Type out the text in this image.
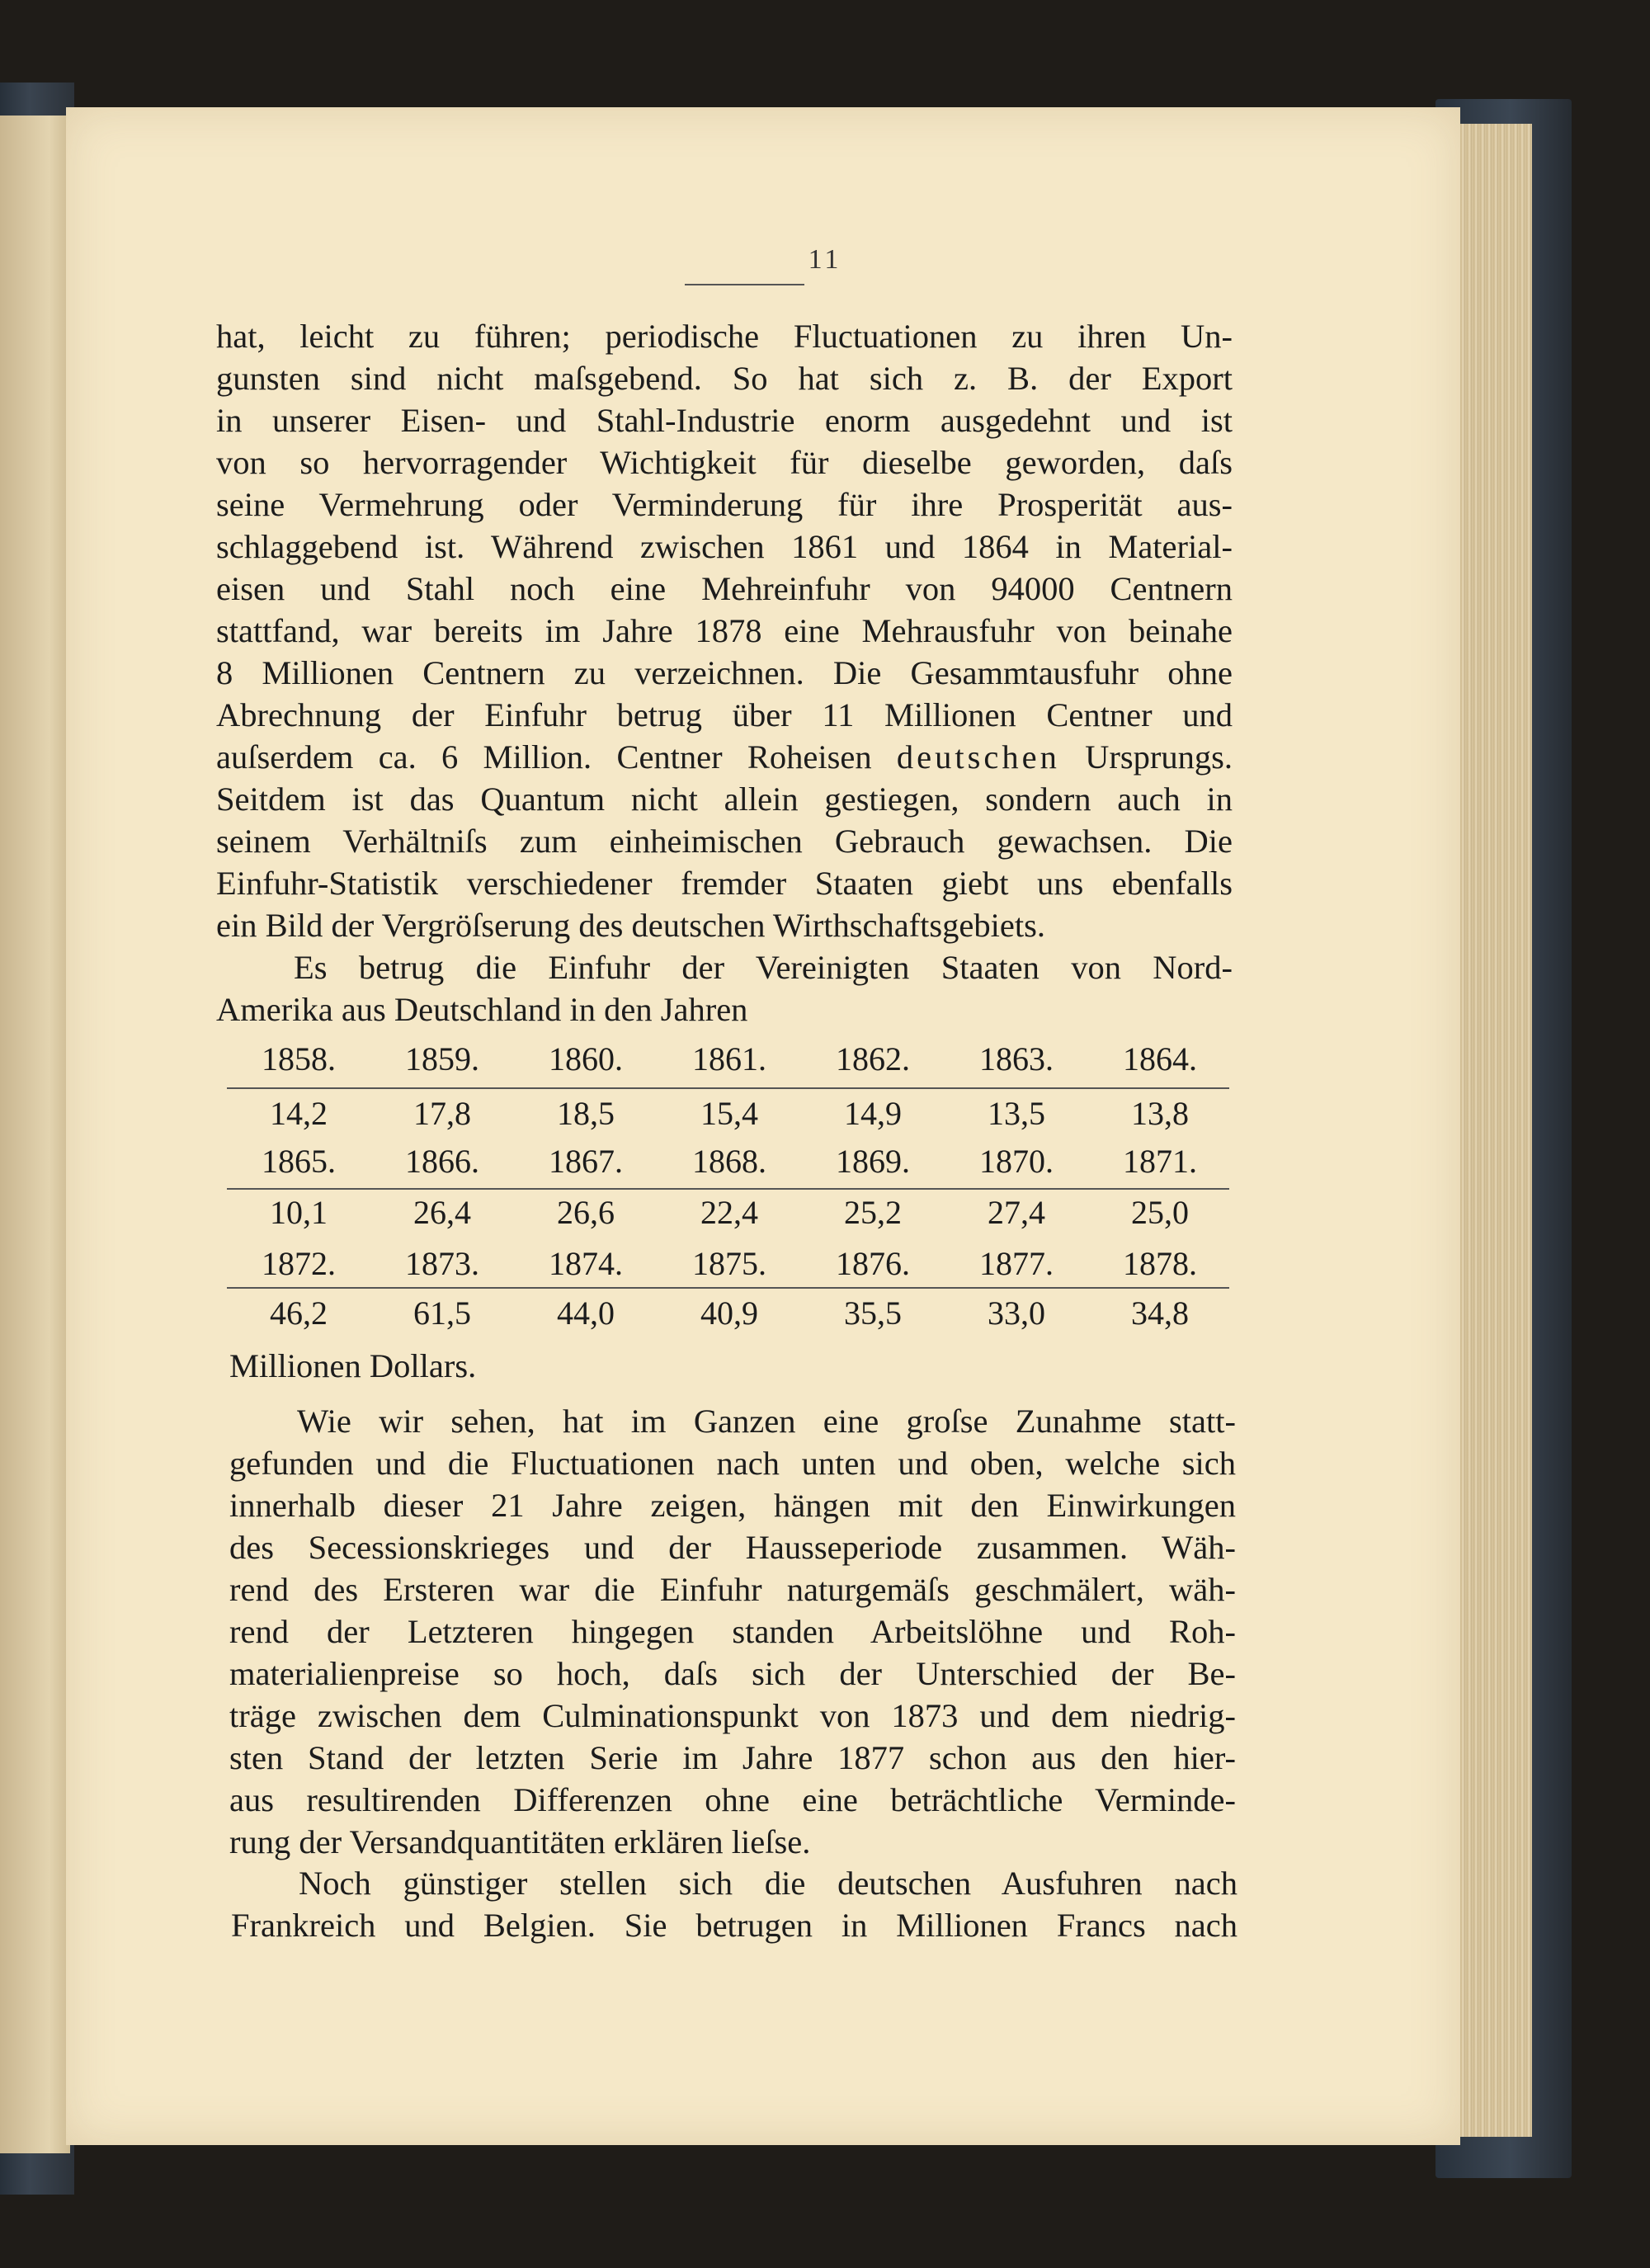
11
hat, leicht zu führen; periodische Fluctuationen zu ihren Un-
gunsten sind nicht maſsgebend. So hat sich z. B. der Export
in unserer Eisen- und Stahl-Industrie enorm ausgedehnt und ist
von so hervorragender Wichtigkeit für dieselbe geworden, daſs
seine Vermehrung oder Verminderung für ihre Prosperität aus-
schlaggebend ist. Während zwischen 1861 und 1864 in Material-
eisen und Stahl noch eine Mehreinfuhr von 94000 Centnern
stattfand, war bereits im Jahre 1878 eine Mehrausfuhr von beinahe
8 Millionen Centnern zu verzeichnen. Die Gesammtausfuhr ohne
Abrechnung der Einfuhr betrug über 11 Millionen Centner und
auſserdem ca. 6 Million. Centner Roheisen deutschen Ursprungs.
Seitdem ist das Quantum nicht allein gestiegen, sondern auch in
seinem Verhältniſs zum einheimischen Gebrauch gewachsen. Die
Einfuhr-Statistik verschiedener fremder Staaten giebt uns ebenfalls
ein Bild der Vergröſserung des deutschen Wirthschaftsgebiets.
Es betrug die Einfuhr der Vereinigten Staaten von Nord-
Amerika aus Deutschland in den Jahren
1858.	1859.	1860.	1861.	1862.	1863.	1864.
14,2	17,8	18,5	15,4	14,9	13,5	13,8
1865.	1866.	1867.	1868.	1869.	1870.	1871.
10,1	26,4	26,6	22,4	25,2	27,4	25,0
1872.	1873.	1874.	1875.	1876.	1877.	1878.
46,2	61,5	44,0	40,9	35,5	33,0	34,8
Millionen Dollars.
Wie wir sehen, hat im Ganzen eine groſse Zunahme statt-
gefunden und die Fluctuationen nach unten und oben, welche sich
innerhalb dieser 21 Jahre zeigen, hängen mit den Einwirkungen
des Secessionskrieges und der Hausseperiode zusammen. Wäh-
rend des Ersteren war die Einfuhr naturgemäſs geschmälert, wäh-
rend der Letzteren hingegen standen Arbeitslöhne und Roh-
materialienpreise so hoch, daſs sich der Unterschied der Be-
träge zwischen dem Culminationspunkt von 1873 und dem niedrig-
sten Stand der letzten Serie im Jahre 1877 schon aus den hier-
aus resultirenden Differenzen ohne eine beträchtliche Verminde-
rung der Versandquantitäten erklären lieſse.
Noch günstiger stellen sich die deutschen Ausfuhren nach
Frankreich und Belgien. Sie betrugen in Millionen Francs nach
